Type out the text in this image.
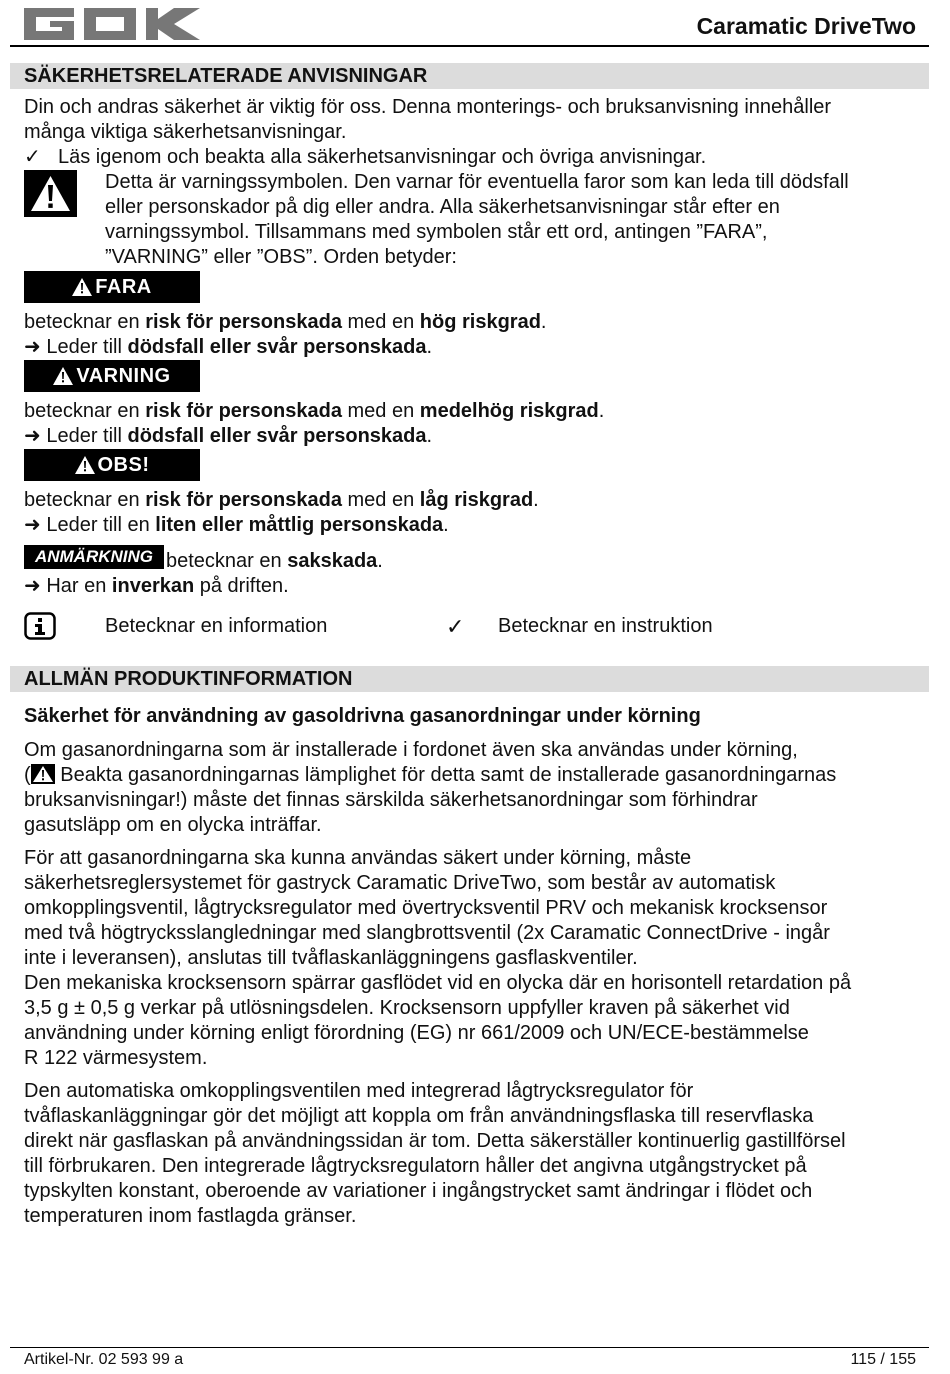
Caramatic DriveTwo
SÄKERHETSRELATERADE ANVISNINGAR
Din och andras säkerhet är viktig för oss. Denna monterings- och bruksanvisning innehåller
många viktiga säkerhetsanvisningar.
✓ Läs igenom och beakta alla säkerhetsanvisningar och övriga anvisningar.
Detta är varningssymbolen. Den varnar för eventuella faror som kan leda till dödsfall
eller personskador på dig eller andra. Alla säkerhetsanvisningar står efter en
varningssymbol. Tillsammans med symbolen står ett ord, antingen ”FARA”,
”VARNING” eller ”OBS”. Orden betyder:
FARA
betecknar en risk för personskada med en hög riskgrad.
➜ Leder till dödsfall eller svår personskada.
VARNING
betecknar en risk för personskada med en medelhög riskgrad.
➜ Leder till dödsfall eller svår personskada.
OBS!
betecknar en risk för personskada med en låg riskgrad.
➜ Leder till en liten eller måttlig personskada.
ANMÄRKNING betecknar en sakskada.
➜ Har en inverkan på driften.
Betecknar en information	✓ Betecknar en instruktion
ALLMÄN PRODUKTINFORMATION
Säkerhet för användning av gasoldrivna gasanordningar under körning
Om gasanordningarna som är installerade i fordonet även ska användas under körning,
( Beakta gasanordningarnas lämplighet för detta samt de installerade gasanordningarnas
bruksanvisningar!) måste det finnas särskilda säkerhetsanordningar som förhindrar
gasutsläpp om en olycka inträffar.
För att gasanordningarna ska kunna användas säkert under körning, måste
säkerhetsreglersystemet för gastryck Caramatic DriveTwo, som består av automatisk
omkopplingsventil, lågtrycksregulator med övertrycksventil PRV och mekanisk krocksensor
med två högtrycksslangledningar med slangbrottsventil (2x Caramatic ConnectDrive - ingår
inte i leveransen), anslutas till tvåflaskanläggningens gasflaskventiler.
Den mekaniska krocksensorn spärrar gasflödet vid en olycka där en horisontell retardation på
3,5 g ± 0,5 g verkar på utlösningsdelen. Krocksensorn uppfyller kraven på säkerhet vid
användning under körning enligt förordning (EG) nr 661/2009 och UN/ECE-bestämmelse
R 122 värmesystem.
Den automatiska omkopplingsventilen med integrerad lågtrycksregulator för
tvåflaskanläggningar gör det möjligt att koppla om från användningsflaska till reservflaska
direkt när gasflaskan på användningssidan är tom. Detta säkerställer kontinuerlig gastillförsel
till förbrukaren. Den integrerade lågtrycksregulatorn håller det angivna utgångstrycket på
typskylten konstant, oberoende av variationer i ingångstrycket samt ändringar i flödet och
temperaturen inom fastlagda gränser.
Artikel-Nr. 02 593 99 a	115 / 155
